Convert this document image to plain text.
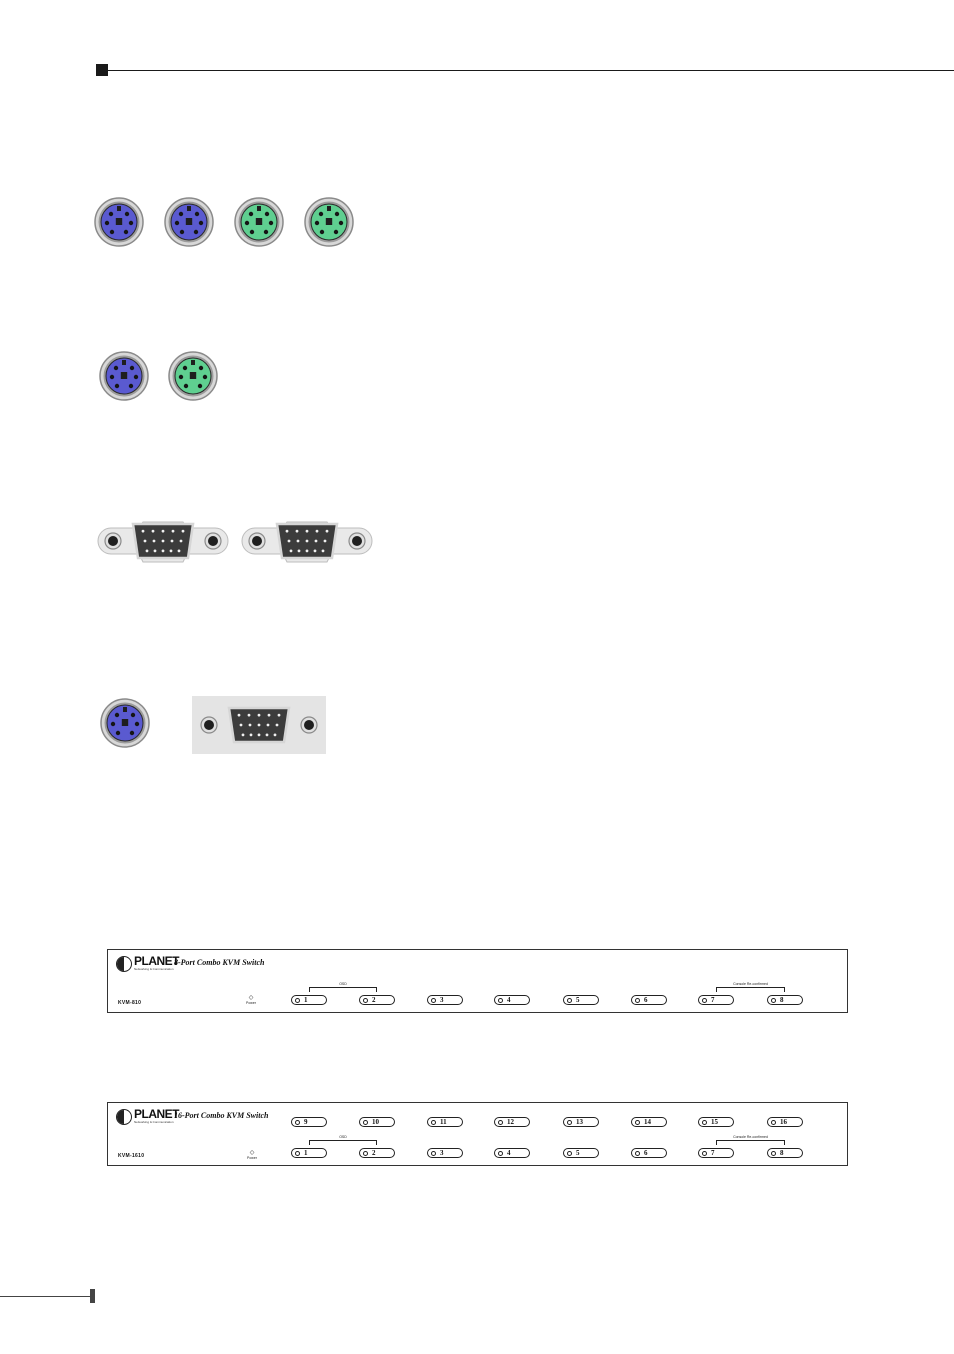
PLANET
Networking & Communication
8-Port Combo KVM Switch
KVM-810
◇
Power	1	2	3	4	5	6	7	8
OSD	Console Re-confirmed
PLANET
Networking & Communication
16-Port Combo KVM Switch
KVM-1610	◇
Power
9	10	11	12	13	14	15	16
1	2	3	4	5	6	7	8
OSD	Console Re-confirmed
